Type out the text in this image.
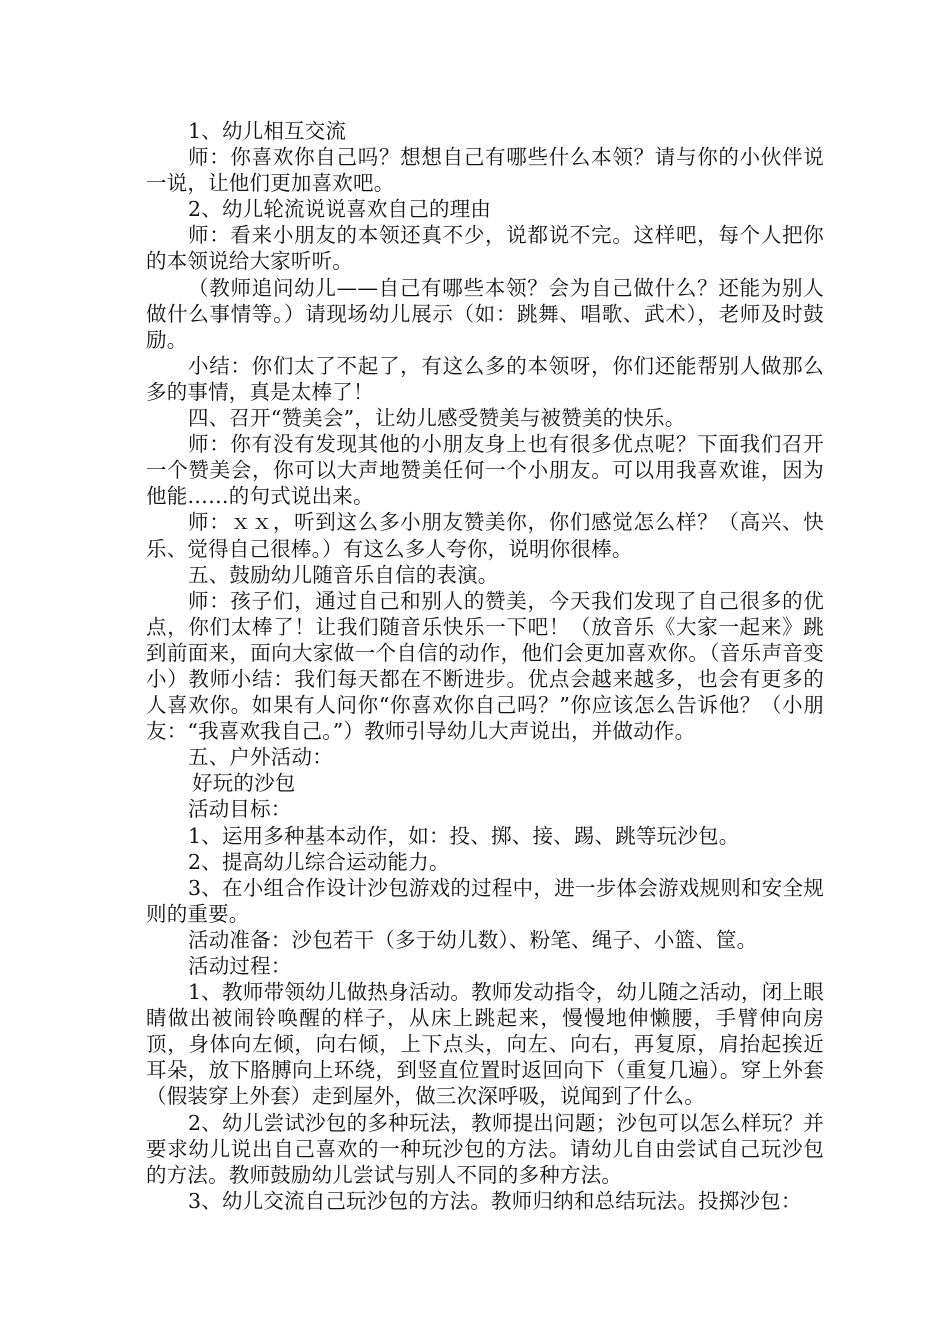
1、幼儿相互交流

师：你喜欢你自己吗？想想自己有哪些什么本领？请与你的小伙伴说一说，让他们更加喜欢吧。

2、幼儿轮流说说喜欢自己的理由

师：看来小朋友的本领还真不少，说都说不完。这样吧，每个人把你的本领说给大家听听。

（教师追问幼儿——自己有哪些本领？会为自己做什么？还能为别人做什么事情等。）请现场幼儿展示（如：跳舞、唱歌、武术），老师及时鼓励。

小结：你们太了不起了，有这么多的本领呀，你们还能帮别人做那么多的事情，真是太棒了！

四、召开“赞美会”，让幼儿感受赞美与被赞美的快乐。

师：你有没有发现其他的小朋友身上也有很多优点呢？下面我们召开一个赞美会，你可以大声地赞美任何一个小朋友。可以用我喜欢谁，因为他能……的句式说出来。

师：ｘｘ，听到这么多小朋友赞美你，你们感觉怎么样？（高兴、快乐、觉得自己很棒。）有这么多人夸你，说明你很棒。

五、鼓励幼儿随音乐自信的表演。

师：孩子们，通过自己和别人的赞美，今天我们发现了自己很多的优点，你们太棒了！让我们随音乐快乐一下吧！（放音乐《大家一起来》跳到前面来，面向大家做一个自信的动作，他们会更加喜欢你。（音乐声音变小）教师小结：我们每天都在不断进步。优点会越来越多，也会有更多的人喜欢你。如果有人问你“你喜欢你自己吗？”你应该怎么告诉他？（小朋友：“我喜欢我自己。”）教师引导幼儿大声说出，并做动作。

五、户外活动：

好玩的沙包

活动目标：

1、运用多种基本动作，如：投、掷、接、踢、跳等玩沙包。

2、提高幼儿综合运动能力。

3、在小组合作设计沙包游戏的过程中，进一步体会游戏规则和安全规则的重要。

活动准备：沙包若干（多于幼儿数）、粉笔、绳子、小篮、筐。

活动过程：

1、教师带领幼儿做热身活动。教师发动指令，幼儿随之活动，闭上眼睛做出被闹铃唤醒的样子，从床上跳起来，慢慢地伸懒腰，手臂伸向房顶，身体向左倾，向右倾，上下点头，向左、向右，再复原，肩抬起挨近耳朵，放下胳膊向上环绕，到竖直位置时返回向下（重复几遍）。穿上外套（假装穿上外套）走到屋外，做三次深呼吸，说闻到了什么。

2、幼儿尝试沙包的多种玩法，教师提出问题；沙包可以怎么样玩？并要求幼儿说出自己喜欢的一种玩沙包的方法。请幼儿自由尝试自己玩沙包的方法。教师鼓励幼儿尝试与别人不同的多种方法。

3、幼儿交流自己玩沙包的方法。教师归纳和总结玩法。投掷沙包：
